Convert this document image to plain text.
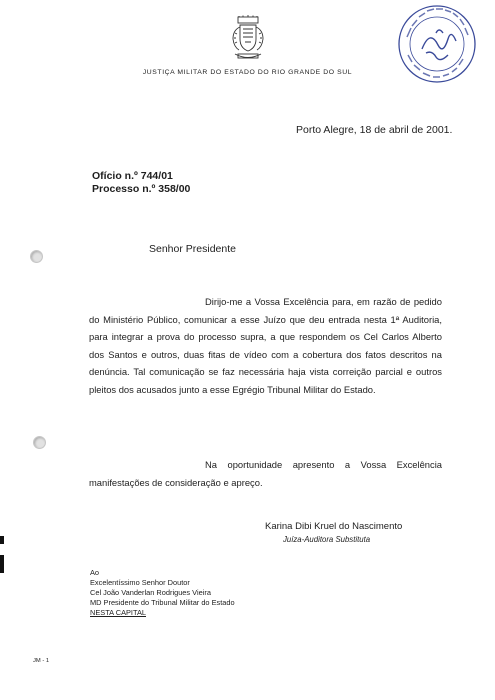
JUSTIÇA MILITAR DO ESTADO DO RIO GRANDE DO SUL
Porto Alegre, 18 de abril de 2001.
Ofício n.º 744/01
Processo n.º 358/00
Senhor Presidente
Dirijo-me a Vossa Excelência para, em razão de pedido do Ministério Público, comunicar a esse Juízo que deu entrada nesta 1ª Auditoria, para integrar a prova do processo supra, a que respondem os Cel Carlos Alberto dos Santos e outros, duas fitas de vídeo com a cobertura dos fatos descritos na denúncia. Tal comunicação se faz necessária haja vista correição parcial e outros pleitos dos acusados junto a esse Egrégio Tribunal Militar do Estado.
Na oportunidade apresento a Vossa Excelência manifestações de consideração e apreço.
Karina Dibi Kruel do Nascimento
Juíza-Auditora Substituta
Ao
Excelentíssimo Senhor Doutor
Cel João Vanderlan Rodrigues Vieira
MD Presidente do Tribunal Militar do Estado
NESTA CAPITAL
JM - 1
